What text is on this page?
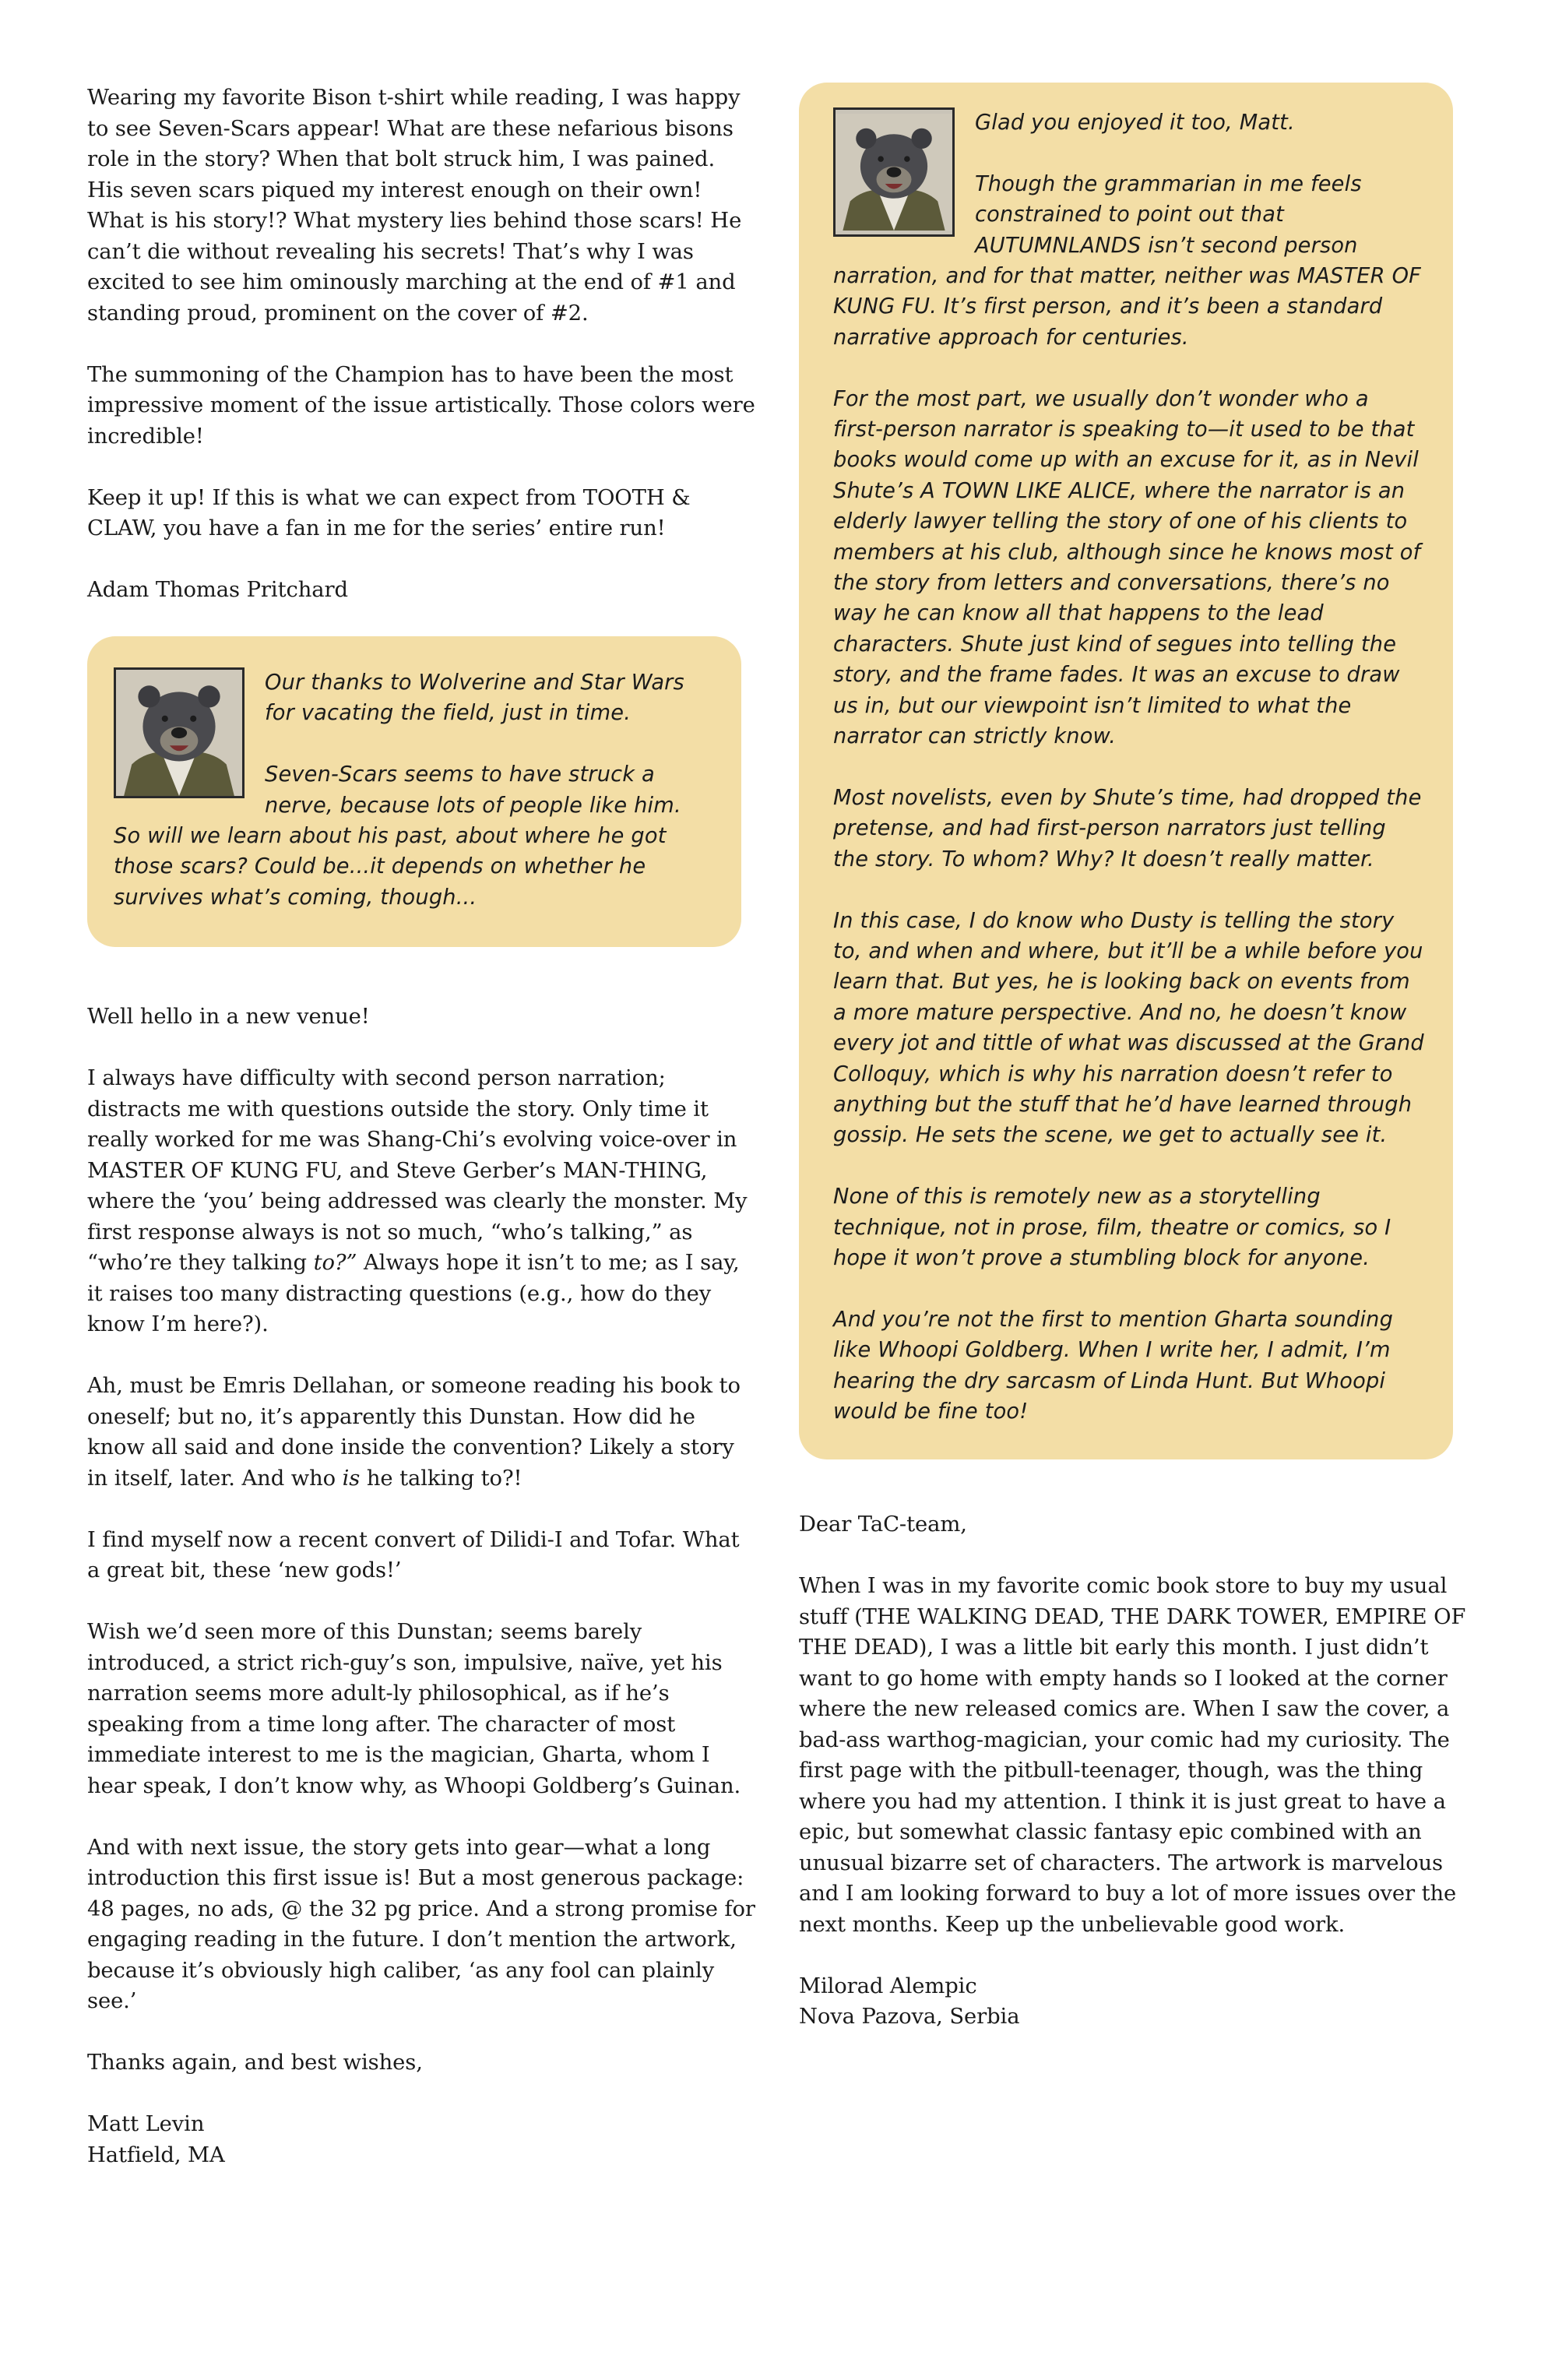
Wearing my favorite Bison t-shirt while reading, I was happy to see Seven-Scars appear! What are these nefarious bisons role in the story? When that bolt struck him, I was pained. His seven scars piqued my interest enough on their own! What is his story!? What mystery lies behind those scars! He can’t die without revealing his secrets! That’s why I was excited to see him ominously marching at the end of #1 and standing proud, prominent on the cover of #2.

The summoning of the Champion has to have been the most impressive moment of the issue artistically. Those colors were incredible!

Keep it up! If this is what we can expect from TOOTH & CLAW, you have a fan in me for the series’ entire run!

Adam Thomas Pritchard

Our thanks to Wolverine and Star Wars for vacating the field, just in time.

Seven-Scars seems to have struck a nerve, because lots of people like him. So will we learn about his past, about where he got those scars? Could be...it depends on whether he survives what’s coming, though...

Well hello in a new venue!

I always have difficulty with second person narration; distracts me with questions outside the story. Only time it really worked for me was Shang-Chi’s evolving voice-over in MASTER OF KUNG FU, and Steve Gerber’s MAN-THING, where the ‘you’ being addressed was clearly the monster. My first response always is not so much, “who’s talking,” as “who’re they talking to?” Always hope it isn’t to me; as I say, it raises too many distracting questions (e.g., how do they know I’m here?).

Ah, must be Emris Dellahan, or someone reading his book to oneself; but no, it’s apparently this Dunstan. How did he know all said and done inside the convention? Likely a story in itself, later. And who is he talking to?!

I find myself now a recent convert of Dilidi-I and Tofar. What a great bit, these ‘new gods!’

Wish we’d seen more of this Dunstan; seems barely introduced, a strict rich-guy’s son, impulsive, naïve, yet his narration seems more adult-ly philosophical, as if he’s speaking from a time long after. The character of most immediate interest to me is the magician, Gharta, whom I hear speak, I don’t know why, as Whoopi Goldberg’s Guinan.

And with next issue, the story gets into gear—what a long introduction this first issue is! But a most generous package: 48 pages, no ads, @ the 32 pg price. And a strong promise for engaging reading in the future. I don’t mention the artwork, because it’s obviously high caliber, ‘as any fool can plainly see.’

Thanks again, and best wishes,

Matt Levin
Hatfield, MA

Glad you enjoyed it too, Matt.

Though the grammarian in me feels constrained to point out that AUTUMNLANDS isn’t second person narration, and for that matter, neither was MASTER OF KUNG FU. It’s first person, and it’s been a standard narrative approach for centuries.

For the most part, we usually don’t wonder who a first-person narrator is speaking to—it used to be that books would come up with an excuse for it, as in Nevil Shute’s A TOWN LIKE ALICE, where the narrator is an elderly lawyer telling the story of one of his clients to members at his club, although since he knows most of the story from letters and conversations, there’s no way he can know all that happens to the lead characters. Shute just kind of segues into telling the story, and the frame fades. It was an excuse to draw us in, but our viewpoint isn’t limited to what the narrator can strictly know.

Most novelists, even by Shute’s time, had dropped the pretense, and had first-person narrators just telling the story. To whom? Why? It doesn’t really matter.

In this case, I do know who Dusty is telling the story to, and when and where, but it’ll be a while before you learn that. But yes, he is looking back on events from a more mature perspective. And no, he doesn’t know every jot and tittle of what was discussed at the Grand Colloquy, which is why his narration doesn’t refer to anything but the stuff that he’d have learned through gossip. He sets the scene, we get to actually see it.

None of this is remotely new as a storytelling technique, not in prose, film, theatre or comics, so I hope it won’t prove a stumbling block for anyone.

And you’re not the first to mention Gharta sounding like Whoopi Goldberg. When I write her, I admit, I’m hearing the dry sarcasm of Linda Hunt. But Whoopi would be fine too!

Dear TaC-team,

When I was in my favorite comic book store to buy my usual stuff (THE WALKING DEAD, THE DARK TOWER, EMPIRE OF THE DEAD), I was a little bit early this month. I just didn’t want to go home with empty hands so I looked at the corner where the new released comics are. When I saw the cover, a bad-ass warthog-magician, your comic had my curiosity. The first page with the pitbull-teenager, though, was the thing where you had my attention. I think it is just great to have a epic, but somewhat classic fantasy epic combined with an unusual bizarre set of characters. The artwork is marvelous and I am looking forward to buy a lot of more issues over the next months. Keep up the unbelievable good work.

Milorad Alempic
Nova Pazova, Serbia
